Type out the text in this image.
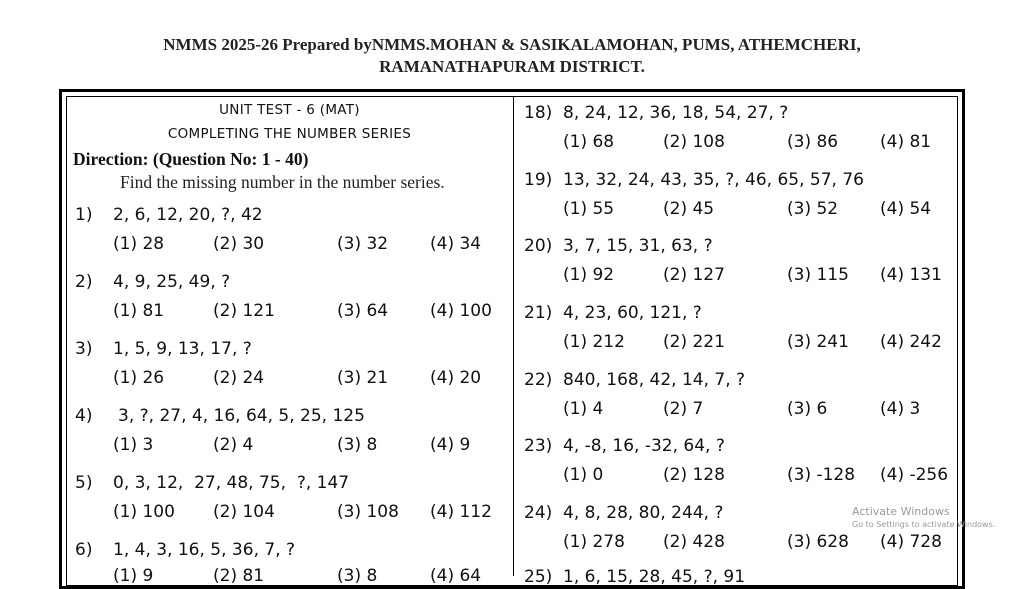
NMMS 2025-26 Prepared byNMMS.MOHAN & SASIKALAMOHAN, PUMS, ATHEMCHERI,
RAMANATHAPURAM DISTRICT.
UNIT TEST - 6 (MAT)
COMPLETING THE NUMBER SERIES
Direction: (Question No: 1 - 40)
Find the missing number in the number series.
1) 2, 6, 12, 20, ?, 42
(1) 28	(2) 30	(3) 32 (4) 34
2) 4, 9, 25, 49, ?
(1) 81	(2) 121	(3) 64 (4) 100
3) 1, 5, 9, 13, 17, ?
(1) 26	(2) 24	(3) 21 (4) 20
4) 3, ?, 27, 4, 16, 64, 5, 25, 125
(1) 3	(2) 4	(3) 8	(4) 9
5) 0, 3, 12,  27, 48, 75,  ?, 147
(1) 100 (2) 104	(3) 108 (4) 112
6) 1, 4, 3, 16, 5, 36, 7, ?
(1) 9	(2) 81	(3) 8	(4) 64
18) 8, 24, 12, 36, 18, 54, 27, ?
(1) 68	(2) 108	(3) 86 (4) 81
19) 13, 32, 24, 43, 35, ?, 46, 65, 57, 76
(1) 55	(2) 45	(3) 52 (4) 54
20) 3, 7, 15, 31, 63, ?
(1) 92	(2) 127	(3) 115 (4) 131
21) 4, 23, 60, 121, ?
(1) 212 (2) 221	(3) 241 (4) 242
22) 840, 168, 42, 14, 7, ?
(1) 4	(2) 7	(3) 6	(4) 3
23) 4, -8, 16, -32, 64, ?
(1) 0	(2) 128	(3) -128 (4) -256
24) 4, 8, 28, 80, 244, ?
(1) 278 (2) 428	(3) 628 (4) 728
25) 1, 6, 15, 28, 45, ?, 91
Activate Windows
Go to Settings to activate Windows.
